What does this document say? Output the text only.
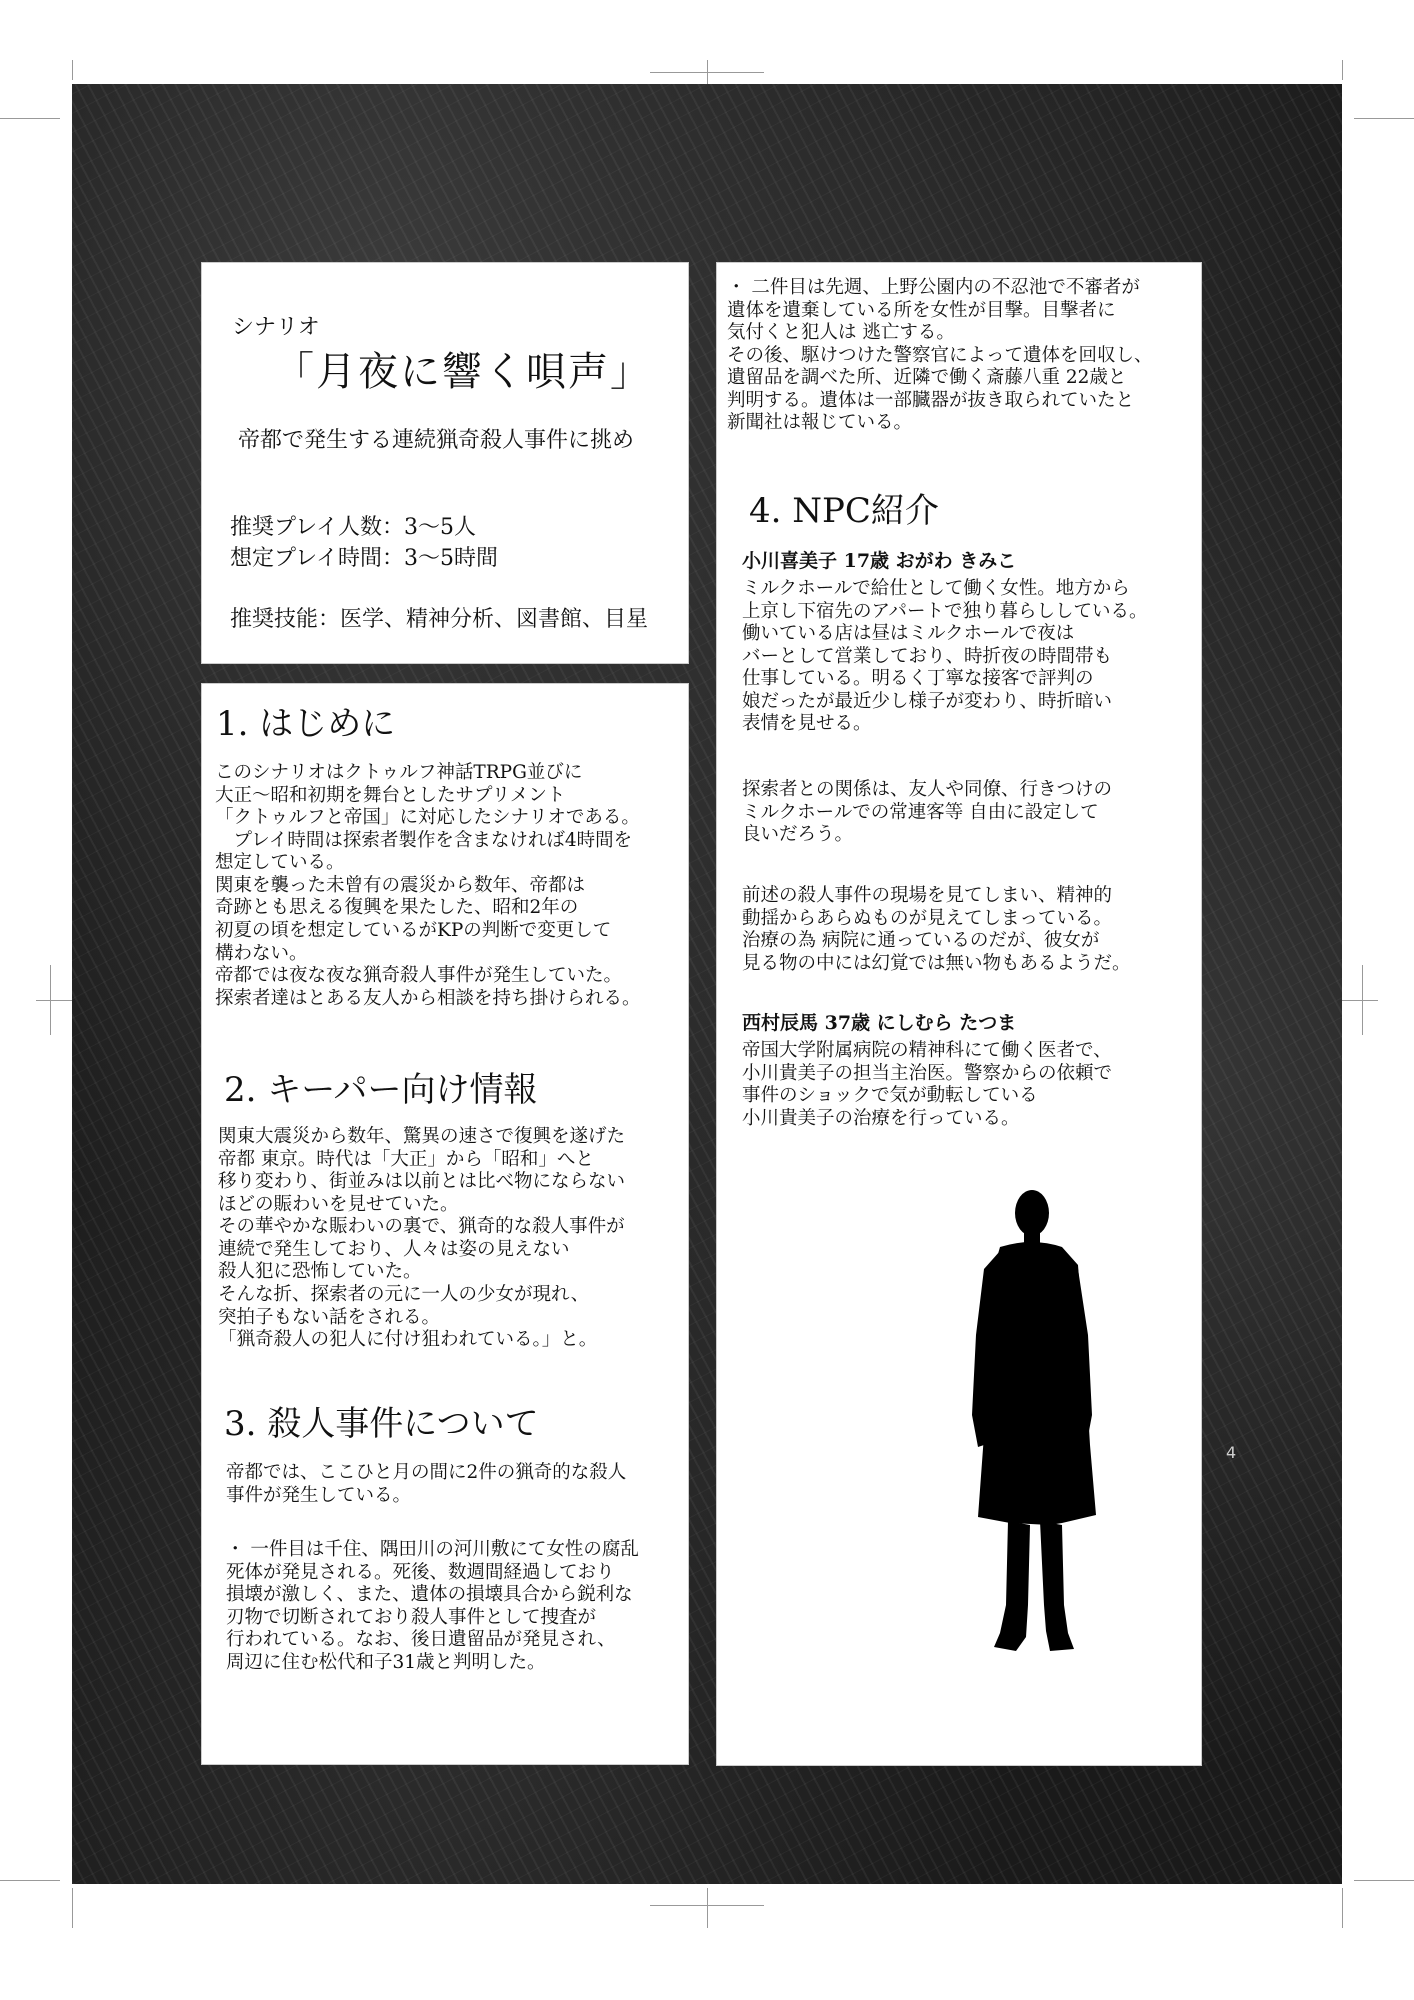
シナリオ
「月夜に響く唄声」
帝都で発生する連続猟奇殺人事件に挑め
推奨プレイ人数：3～5人
想定プレイ時間：3～5時間
推奨技能：医学、精神分析、図書館、目星
1. はじめに
このシナリオはクトゥルフ神話TRPG並びに
大正～昭和初期を舞台としたサプリメント
「クトゥルフと帝国」に対応したシナリオである。
　プレイ時間は探索者製作を含まなければ4時間を
想定している。
関東を襲った未曾有の震災から数年、帝都は
奇跡とも思える復興を果たした、昭和2年の
初夏の頃を想定しているがKPの判断で変更して
構わない。
帝都では夜な夜な猟奇殺人事件が発生していた。
探索者達はとある友人から相談を持ち掛けられる。
2. キーパー向け情報
関東大震災から数年、驚異の速さで復興を遂げた
帝都 東京。時代は「大正」から「昭和」へと
移り変わり、街並みは以前とは比べ物にならない
ほどの賑わいを見せていた。
その華やかな賑わいの裏で、猟奇的な殺人事件が
連続で発生しており、人々は姿の見えない
殺人犯に恐怖していた。
そんな折、探索者の元に一人の少女が現れ、
突拍子もない話をされる。
「猟奇殺人の犯人に付け狙われている。」と。
3. 殺人事件について
帝都では、ここひと月の間に2件の猟奇的な殺人
事件が発生している。
・ 一件目は千住、隅田川の河川敷にて女性の腐乱
死体が発見される。死後、数週間経過しており
損壊が激しく、また、遺体の損壊具合から鋭利な
刃物で切断されており殺人事件として捜査が
行われている。なお、後日遺留品が発見され、
周辺に住む松代和子31歳と判明した。
・ 二件目は先週、上野公園内の不忍池で不審者が
遺体を遺棄している所を女性が目撃。目撃者に
気付くと犯人は 逃亡する。
その後、駆けつけた警察官によって遺体を回収し、
遺留品を調べた所、近隣で働く斎藤八重 22歳と
判明する。遺体は一部臓器が抜き取られていたと
新聞社は報じている。
4. NPC紹介
小川喜美子 17歳 おがわ きみこ
ミルクホールで給仕として働く女性。地方から
上京し下宿先のアパートで独り暮らししている。
働いている店は昼はミルクホールで夜は
バーとして営業しており、時折夜の時間帯も
仕事している。明るく丁寧な接客で評判の
娘だったが最近少し様子が変わり、時折暗い
表情を見せる。
探索者との関係は、友人や同僚、行きつけの
ミルクホールでの常連客等 自由に設定して
良いだろう。
前述の殺人事件の現場を見てしまい、精神的
動揺からあらぬものが見えてしまっている。
治療の為 病院に通っているのだが、彼女が
見る物の中には幻覚では無い物もあるようだ。
西村辰馬 37歳 にしむら たつま
帝国大学附属病院の精神科にて働く医者で、
小川貴美子の担当主治医。警察からの依頼で
事件のショックで気が動転している
小川貴美子の治療を行っている。
4
